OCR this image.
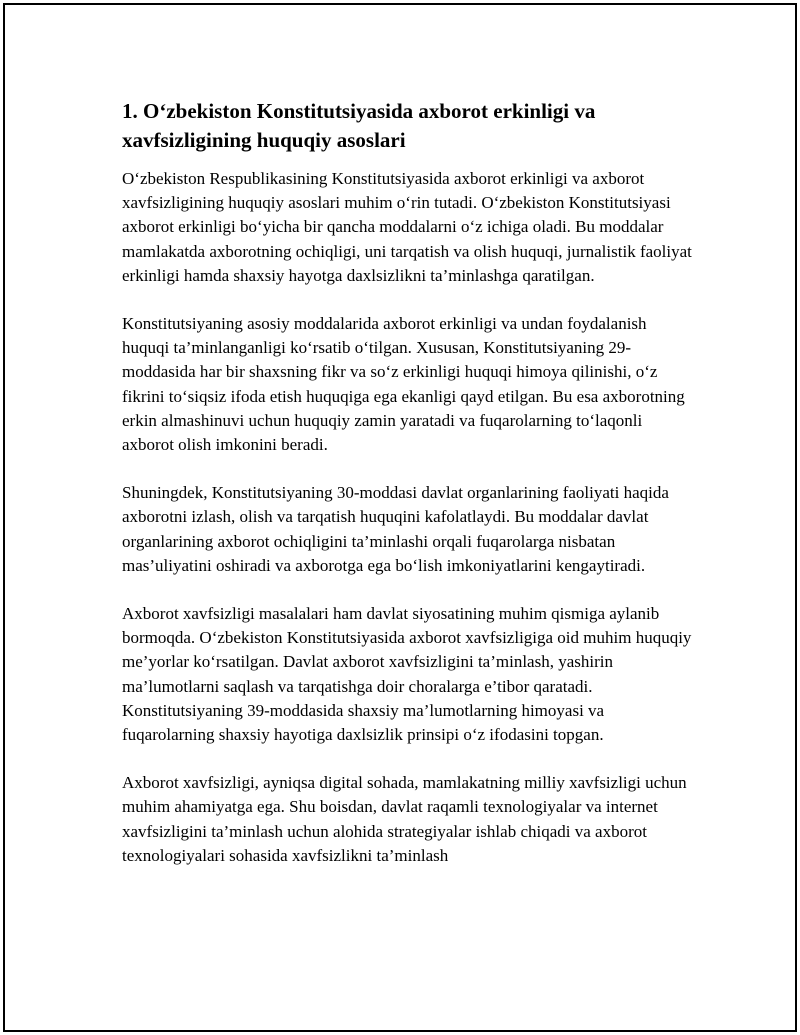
1. O‘zbekiston Konstitutsiyasida axborot erkinligi va xavfsizligining huquqiy asoslari

O‘zbekiston Respublikasining Konstitutsiyasida axborot erkinligi va axborot xavfsizligining huquqiy asoslari muhim o‘rin tutadi. O‘zbekiston Konstitutsiyasi axborot erkinligi bo‘yicha bir qancha moddalarni o‘z ichiga oladi. Bu moddalar mamlakatda axborotning ochiqligi, uni tarqatish va olish huquqi, jurnalistik faoliyat erkinligi hamda shaxsiy hayotga daxlsizlikni ta’minlashga qaratilgan.

Konstitutsiyaning asosiy moddalarida axborot erkinligi va undan foydalanish huquqi ta’minlanganligi ko‘rsatib o‘tilgan. Xususan, Konstitutsiyaning 29-moddasida har bir shaxsning fikr va so‘z erkinligi huquqi himoya qilinishi, o‘z fikrini to‘siqsiz ifoda etish huquqiga ega ekanligi qayd etilgan. Bu esa axborotning erkin almashinuvi uchun huquqiy zamin yaratadi va fuqarolarning to‘laqonli axborot olish imkonini beradi.

Shuningdek, Konstitutsiyaning 30-moddasi davlat organlarining faoliyati haqida axborotni izlash, olish va tarqatish huquqini kafolatlaydi. Bu moddalar davlat organlarining axborot ochiqligini ta’minlashi orqali fuqarolarga nisbatan mas’uliyatini oshiradi va axborotga ega bo‘lish imkoniyatlarini kengaytiradi.

Axborot xavfsizligi masalalari ham davlat siyosatining muhim qismiga aylanib bormoqda. O‘zbekiston Konstitutsiyasida axborot xavfsizligiga oid muhim huquqiy me’yorlar ko‘rsatilgan. Davlat axborot xavfsizligini ta’minlash, yashirin ma’lumotlarni saqlash va tarqatishga doir choralarga e’tibor qaratadi. Konstitutsiyaning 39-moddasida shaxsiy ma’lumotlarning himoyasi va fuqarolarning shaxsiy hayotiga daxlsizlik prinsipi o‘z ifodasini topgan.

Axborot xavfsizligi, ayniqsa digital sohada, mamlakatning milliy xavfsizligi uchun muhim ahamiyatga ega. Shu boisdan, davlat raqamli texnologiyalar va internet xavfsizligini ta’minlash uchun alohida strategiyalar ishlab chiqadi va axborot texnologiyalari sohasida xavfsizlikni ta’minlash
